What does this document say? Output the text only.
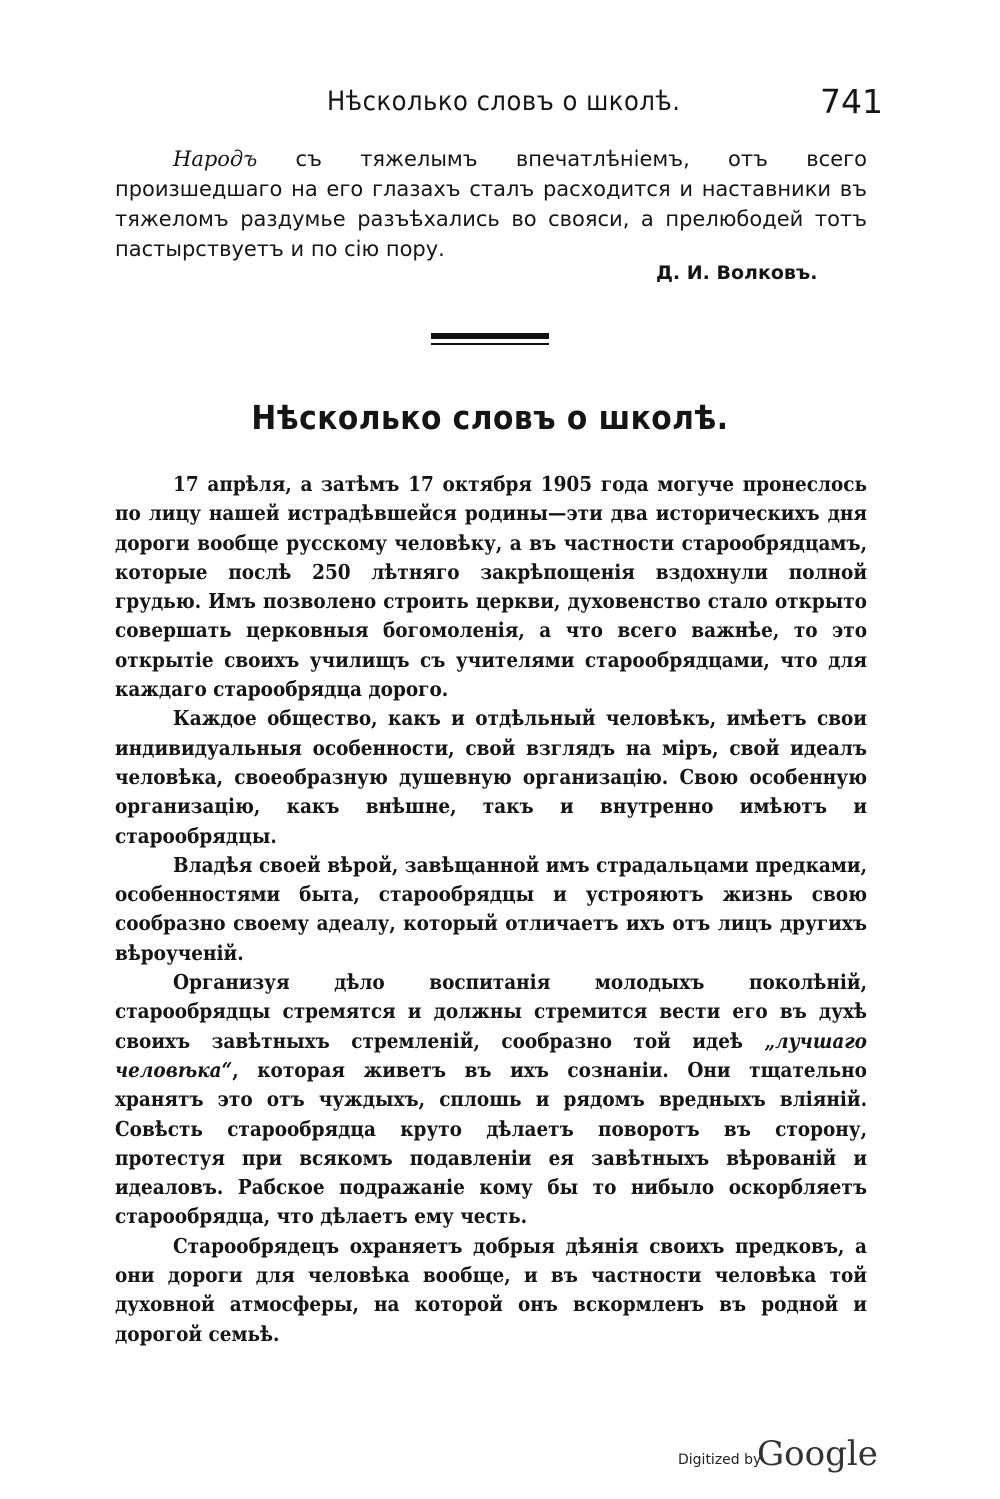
Нѣсколько словъ о школѣ.	741

Народъ съ тяжелымъ впечатлѣніемъ, отъ всего произшедшаго на его глазахъ сталъ расходится и наставники въ тяжеломъ раздумье разъѣхались во свояси, а прелюбодей тотъ пастырствуетъ и по сію пору.

Д. И. Волковъ.
Нѣсколько словъ о школѣ.

17 апрѣля, а затѣмъ 17 октября 1905 года могуче пронеслось по лицу нашей истрадѣвшейся родины—эти два историческихъ дня дороги вообще русскому человѣку, а въ частности старообрядцамъ, которые послѣ 250 лѣтняго закрѣпощенія вздохнули полной грудью. Имъ позволено строить церкви, духовенство стало открыто совершать церковныя богомоленія, а что всего важнѣе, то это открытіе своихъ училищъ съ учителями старообрядцами, что для каждаго старообрядца дорого.

Каждое общество, какъ и отдѣльный человѣкъ, имѣетъ свои индивидуальныя особенности, свой взглядъ на міръ, свой идеалъ человѣка, своеобразную душевную организацію. Свою особенную организацію, какъ внѣшне, такъ и внутренно имѣютъ и старообрядцы.

Владѣя своей вѣрой, завѣщанной имъ страдальцами предками, особенностями быта, старообрядцы и устрояютъ жизнь свою сообразно своему адеалу, который отличаетъ ихъ отъ лицъ другихъ вѣроученій.

Организуя дѣло воспитанія молодыхъ поколѣній, старообрядцы стремятся и должны стремится вести его въ духѣ своихъ завѣтныхъ стремленій, сообразно той идеѣ „лучшаго человѣка“, которая живетъ въ ихъ сознаніи. Они тщательно хранятъ это отъ чуждыхъ, сплошь и рядомъ вредныхъ вліяній. Совѣсть старообрядца круто дѣлаетъ поворотъ въ сторону, протестуя при всякомъ подавленіи ея завѣтныхъ вѣрованій и идеаловъ. Рабское подражаніе кому бы то нибыло оскорбляетъ старообрядца, что дѣлаетъ ему честь.

Старообрядецъ охраняетъ добрыя дѣянія своихъ предковъ, а они дороги для человѣка вообще, и въ частности человѣка той духовной атмосферы, на которой онъ вскормленъ въ родной и дорогой семьѣ.

Digitized by
Google
